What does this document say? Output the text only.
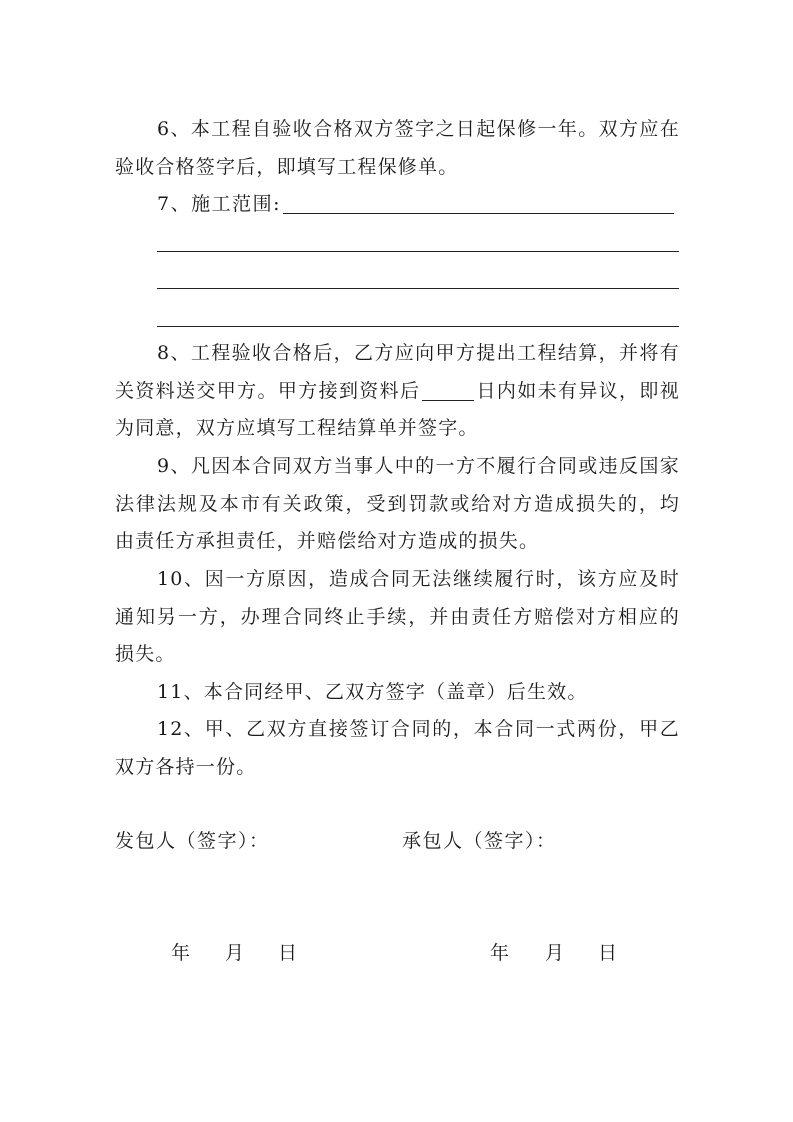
6、本工程自验收合格双方签字之日起保修一年。双方应在验收合格签字后，即填写工程保修单。

7、施工范围:

8、工程验收合格后，乙方应向甲方提出工程结算，并将有关资料送交甲方。甲方接到资料后	日内如未有异议，即视为同意，双方应填写工程结算单并签字。

9、凡因本合同双方当事人中的一方不履行合同或违反国家法律法规及本市有关政策，受到罚款或给对方造成损失的，均由责任方承担责任，并赔偿给对方造成的损失。

10、因一方原因，造成合同无法继续履行时，该方应及时通知另一方，办理合同终止手续，并由责任方赔偿对方相应的损失。

11、本合同经甲、乙双方签字（盖章）后生效。

12、甲、乙双方直接签订合同的，本合同一式两份，甲乙双方各持一份。

发包人（签字）：	承包人（签字）：
年 月 日	年 月 日
